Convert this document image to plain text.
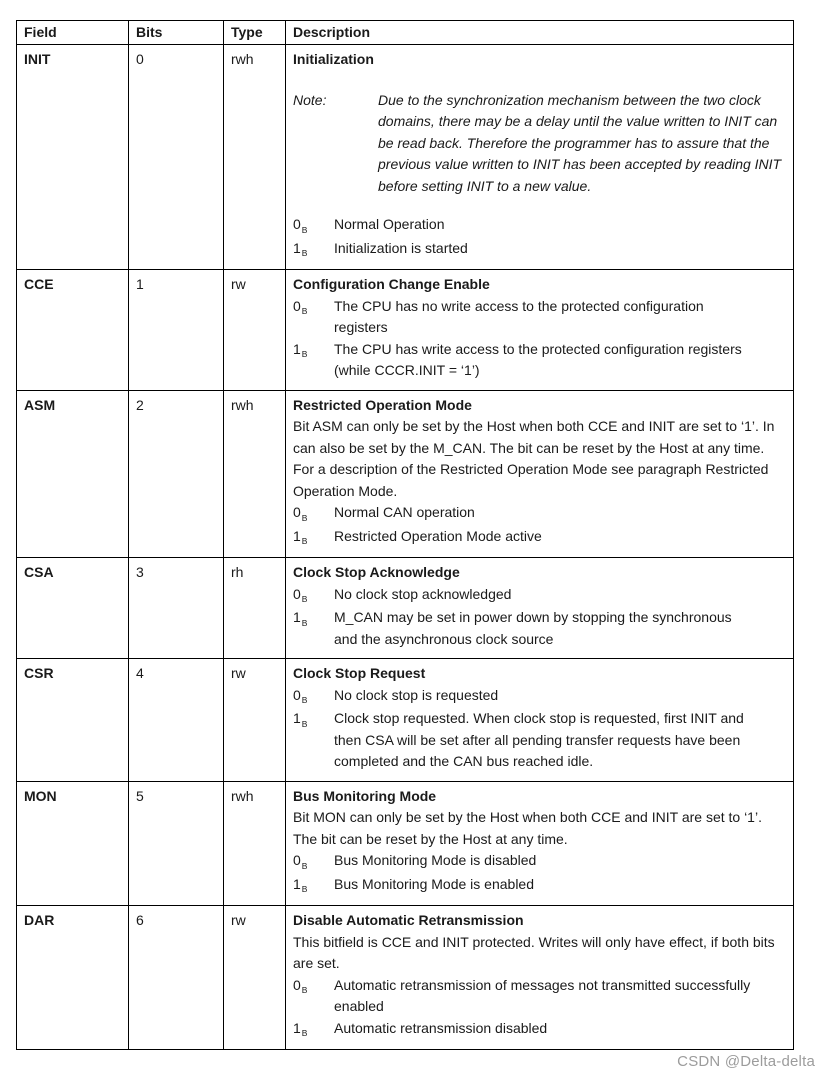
Field	Bits	Type	Description
INIT	0	rwh	Initialization
Note:	Due to the synchronization mechanism between the two clock domains, there may be a delay until the value written to INIT can be read back. Therefore the programmer has to assure that the previous value written to INIT has been accepted by reading INIT before setting INIT to a new value.
$0_B$	Normal Operation
$1_B$	Initialization is started

CCE	1	rw	Configuration Change Enable
$0_B$ The CPU has no write access to the protected configuration registers
$1_B$ The CPU has write access to the protected configuration registers (while CCCR.INIT = ‘1’)

ASM	2	rwh	Restricted Operation Mode
Bit ASM can only be set by the Host when both CCE and INIT are set to ‘1’. In can also be set by the M_CAN. The bit can be reset by the Host at any time. For a description of the Restricted Operation Mode see paragraph Restricted Operation Mode.
$0_B$	Normal CAN operation
$1_B$	Restricted Operation Mode active

CSA	3	rh	Clock Stop Acknowledge
$0_B$ No clock stop acknowledged
$1_B$ M_CAN may be set in power down by stopping the synchronous and the asynchronous clock source

CSR	4	rw	Clock Stop Request
$0_B$ No clock stop is requested
$1_B$ Clock stop requested. When clock stop is requested, first INIT and then CSA will be set after all pending transfer requests have been completed and the CAN bus reached idle.

MON	5	rwh	Bus Monitoring Mode
Bit MON can only be set by the Host when both CCE and INIT are set to ‘1’. The bit can be reset by the Host at any time.
$0_B$	Bus Monitoring Mode is disabled
$1_B$	Bus Monitoring Mode is enabled

DAR	6	rw	Disable Automatic Retransmission
This bitfield is CCE and INIT protected. Writes will only have effect, if both bits are set.
$0_B$	Automatic retransmission of messages not transmitted successfully enabled
$1_B$	Automatic retransmission disabled
CSDN @Delta-delta
